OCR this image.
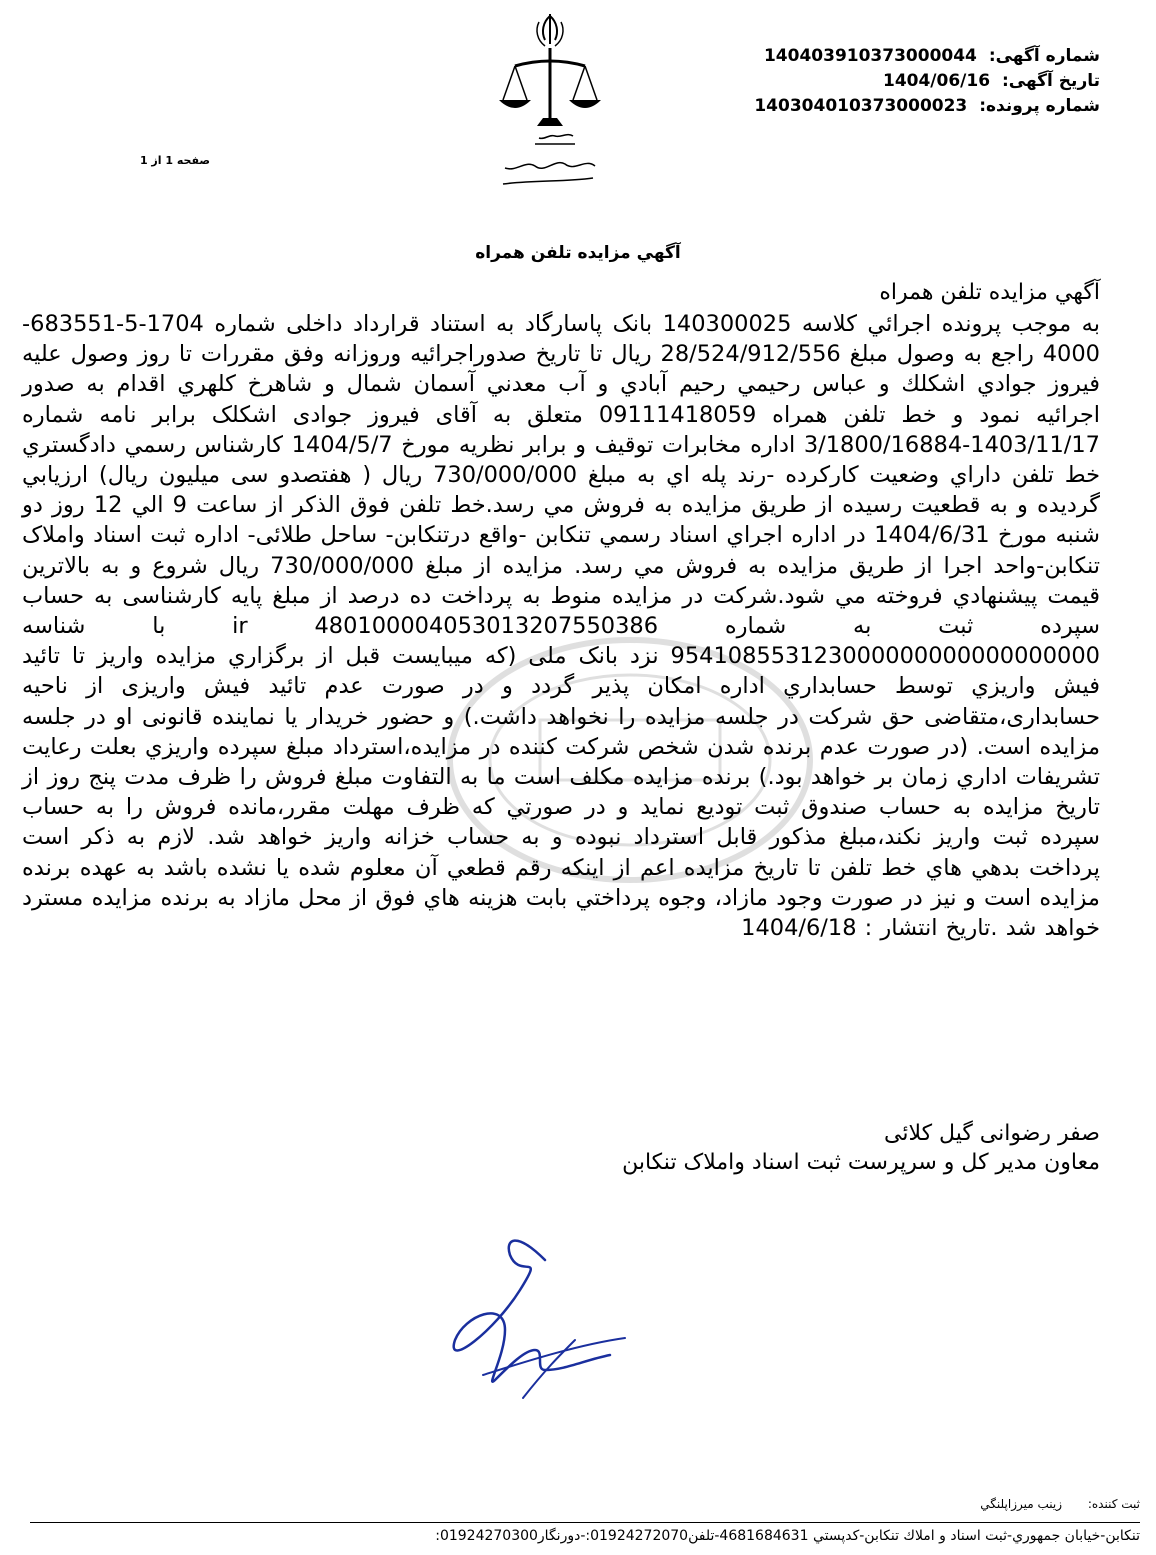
شماره آگهی: 140403910373000044
تاریخ آگهی: 1404/06/16
شماره پرونده: 140304010373000023
صفحه 1 از 1
آگهي مزايده تلفن همراه
آگهي مزايده تلفن همراه
به موجب پرونده اجرائي كلاسه 140300025 بانک پاسارگاد به استناد قرارداد داخلی شماره 1704-5-683551-4000 راجع به وصول مبلغ 28/524/912/556 ريال تا تاريخ صدوراجرائيه وروزانه وفق مقررات تا روز وصول عليه فيروز جوادي اشكلك و عباس رحيمي رحيم آبادي و آب معدني آسمان شمال و شاهرخ كلهري اقدام به صدور اجرائيه نمود و خط تلفن همراه 09111418059 متعلق به آقای فیروز جوادی اشکلک برابر نامه شماره 1403/11/17-3/1800/16884 اداره مخابرات توقيف و برابر نظريه مورخ 1404/5/7 كارشناس رسمي دادگستري خط تلفن داراي وضعيت كاركرده -رند پله اي به مبلغ 730/000/000 ريال ( هفتصدو سی میلیون ریال) ارزيابي گرديده و به قطعيت رسيده از طريق مزايده به فروش مي رسد.خط تلفن فوق الذكر از ساعت 9 الي 12 روز دو شنبه مورخ 1404/6/31 در اداره اجراي اسناد رسمي تنكابن -واقع درتنكابن- ساحل طلائی- اداره ثبت اسناد واملاک تنکابن-واحد اجرا از طريق مزايده به فروش مي رسد. مزايده از مبلغ 730/000/000 ريال شروع و به بالاترين قيمت پيشنهادي فروخته مي شود.شرکت در مزايده منوط به پرداخت ده درصد از مبلغ پايه کارشناسی به حساب سپرده ثبت به شماره ir 480100004053013207550386 با شناسه 954108553123000000000000000000 نزد بانک ملی (كه ميبايست قبل از برگزاري مزايده واريز تا تائيد فيش واريزي توسط حسابداري اداره امكان پذير گردد و در صورت عدم تائيد فيش واريزی از ناحيه حسابداری،متقاضی حق شركت در جلسه مزايده را نخواهد داشت.) و حضور خريدار يا نماينده قانونی او در جلسه مزايده است. (در صورت عدم برنده شدن شخص شركت كننده در مزايده،استرداد مبلغ سپرده واريزي بعلت رعايت تشريفات اداري زمان بر خواهد بود.) برنده مزايده مكلف است ما به التفاوت مبلغ فروش را ظرف مدت پنج روز از تاريخ مزايده به حساب صندوق ثبت توديع نمايد و در صورتي كه ظرف مهلت مقرر،مانده فروش را به حساب سپرده ثبت واريز نكند،مبلغ مذكور قابل استرداد نبوده و به حساب خزانه واريز خواهد شد. لازم به ذكر است پرداخت بدهي هاي خط تلفن تا تاريخ مزايده اعم از اينكه رقم قطعي آن معلوم شده يا نشده باشد به عهده برنده مزايده است و نيز در صورت وجود مازاد، وجوه پرداختي بابت هزينه هاي فوق از محل مازاد به برنده مزايده مسترد خواهد شد .تاریخ انتشار : 1404/6/18
صفر رضوانی گیل کلائی
معاون مدير كل و سرپرست ثبت اسناد واملاک تنکابن
ثبت كننده: زينب ميرزاپلنگي
تنكابن-خيابان جمهوري-ثبت اسناد و املاك تنكابن-كدپستي 4681684631-تلفن01924272070:-دورنگار01924270300:
